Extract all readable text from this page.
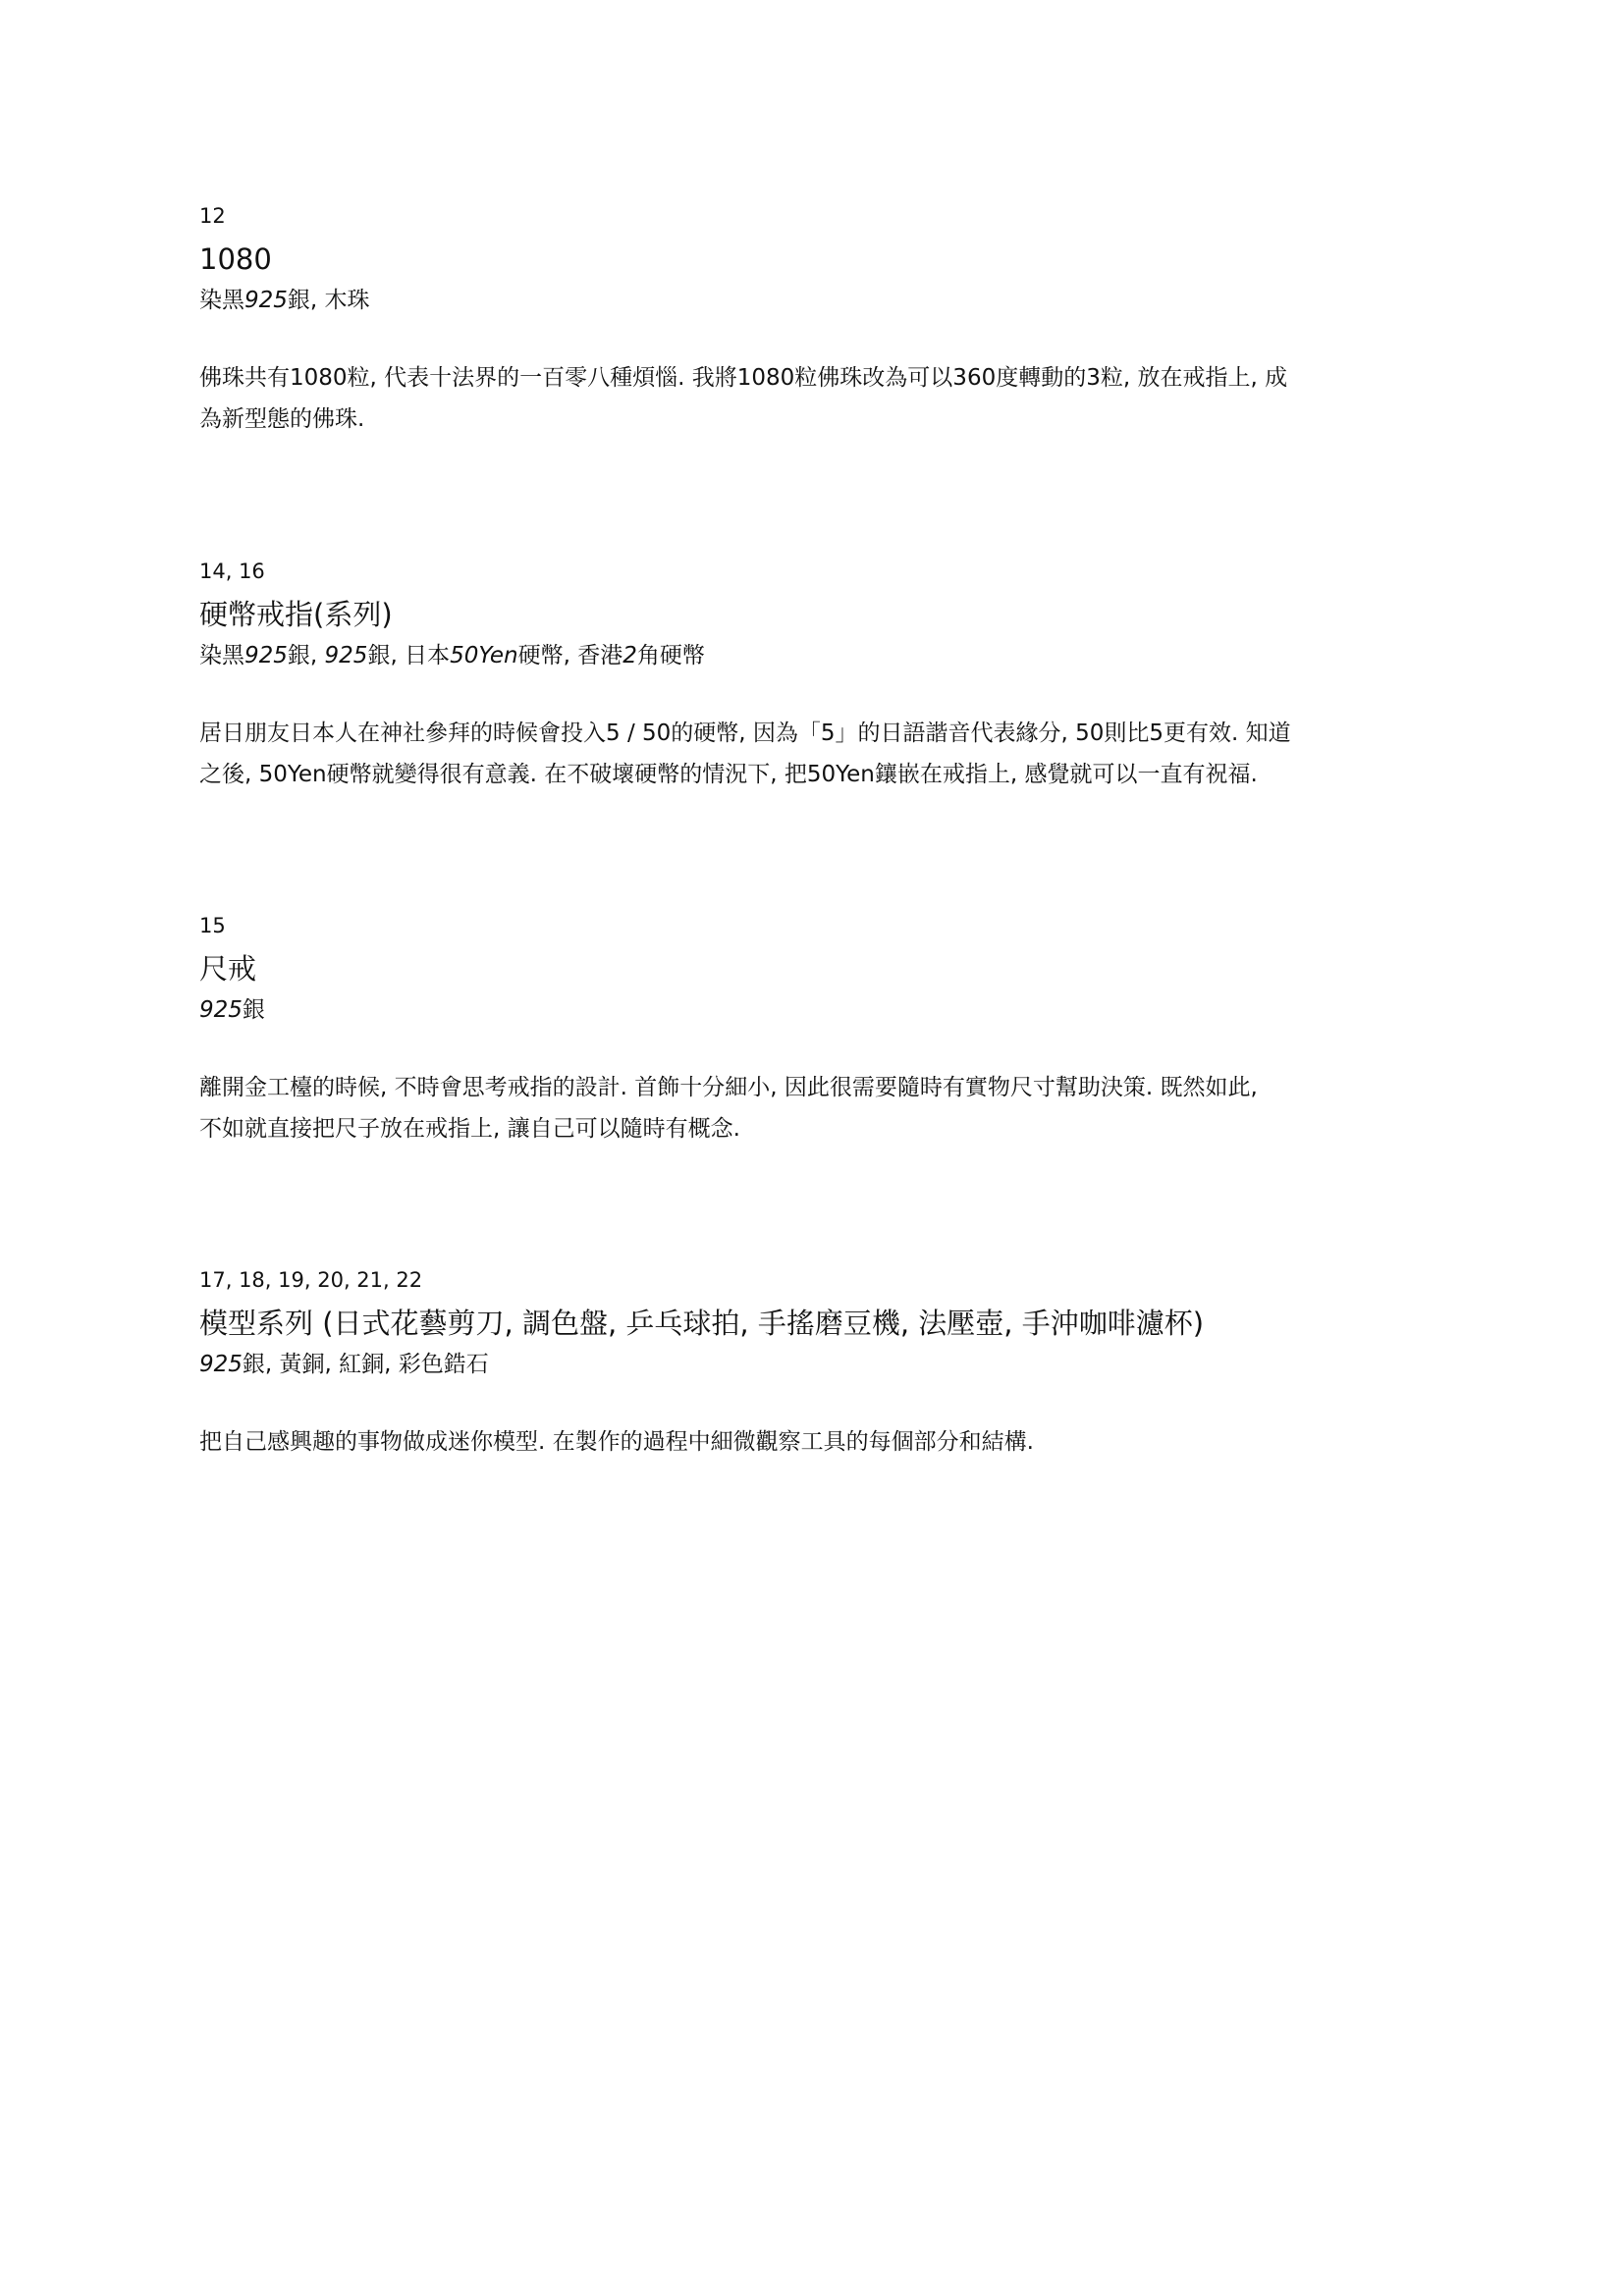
12
1080
染黑925銀, 木珠
佛珠共有1080粒, 代表十法界的一百零八種煩惱. 我將1080粒佛珠改為可以360度轉動的3粒, 放在戒指上, 成
為新型態的佛珠.
14, 16
硬幣戒指(系列)
染黑925銀, 925銀, 日本50Yen硬幣, 香港2角硬幣
居日朋友日本人在神社參拜的時候會投入5 / 50的硬幣, 因為「5」的日語諧音代表緣分, 50則比5更有效. 知道
之後, 50Yen硬幣就變得很有意義. 在不破壞硬幣的情況下, 把50Yen鑲嵌在戒指上, 感覺就可以一直有祝福.
15
尺戒
925銀
離開金工檯的時候, 不時會思考戒指的設計. 首飾十分細小, 因此很需要隨時有實物尺寸幫助決策. 既然如此,
不如就直接把尺子放在戒指上, 讓自己可以隨時有概念.
17, 18, 19, 20, 21, 22
模型系列 (日式花藝剪刀, 調色盤, 乒乓球拍, 手搖磨豆機, 法壓壺, 手沖咖啡濾杯)
925銀, 黃銅, 紅銅, 彩色鋯石
把自己感興趣的事物做成迷你模型. 在製作的過程中細微觀察工具的每個部分和結構.
